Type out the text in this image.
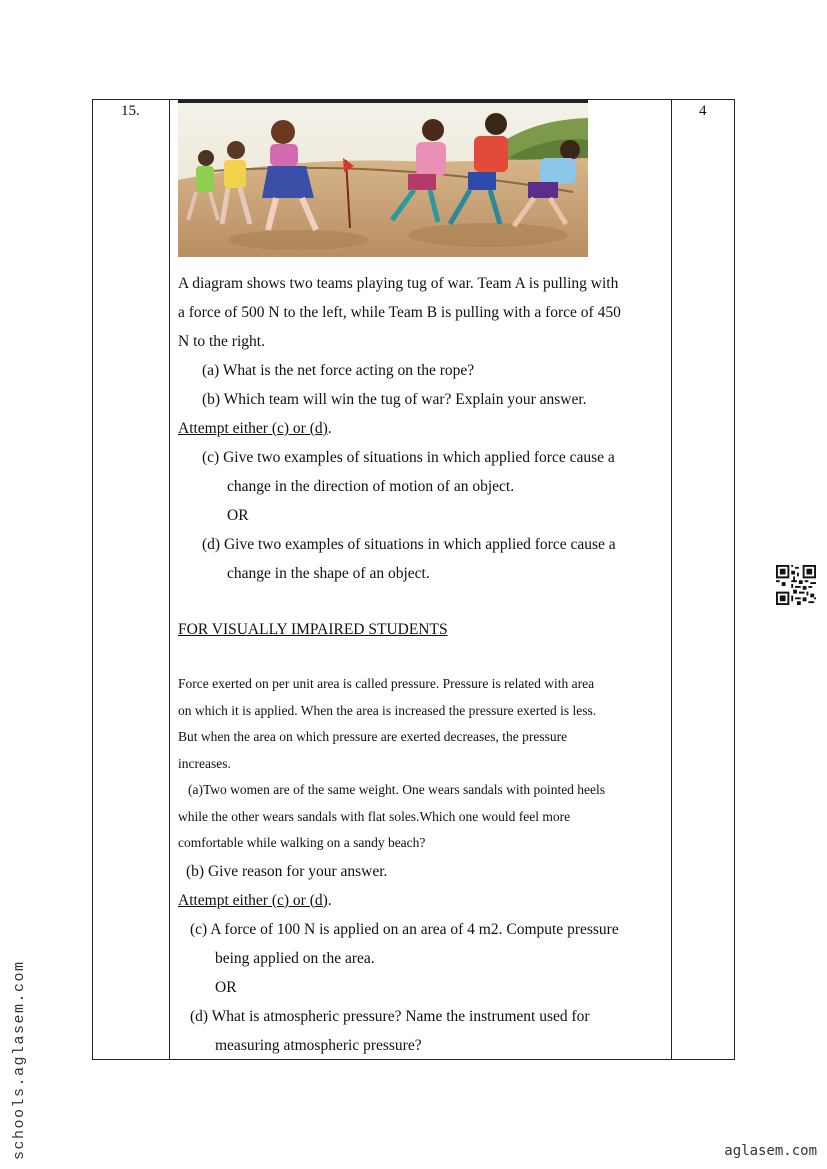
15.	4
A diagram shows two teams playing tug of war. Team A is pulling with
a force of 500 N to the left, while Team B is pulling with a force of 450
N to the right.
(a) What is the net force acting on the rope?
(b) Which team will win the tug of war? Explain your answer.
Attempt either (c) or (d).
(c) Give two examples of situations in which applied force cause a
change in the direction of motion of an object.
OR
(d) Give two examples of situations in which applied force cause a
change in the shape of an object.
FOR VISUALLY IMPAIRED STUDENTS
Force exerted on per unit area is called pressure. Pressure is related with area
on which it is applied. When the area is increased the pressure exerted is less.
But when the area on which pressure are exerted decreases, the pressure
increases.
(a)Two women are of the same weight. One wears sandals with pointed heels
while the other wears sandals with flat soles.Which one would feel more
comfortable while walking on a sandy beach?
(b) Give reason for your answer.
Attempt either (c) or (d).
(c) A force of 100 N is applied on an area of 4 m2. Compute pressure
being applied on the area.
OR
(d) What is atmospheric pressure? Name the instrument used for
measuring atmospheric pressure?
schools.aglasem.com	aglasem.com
